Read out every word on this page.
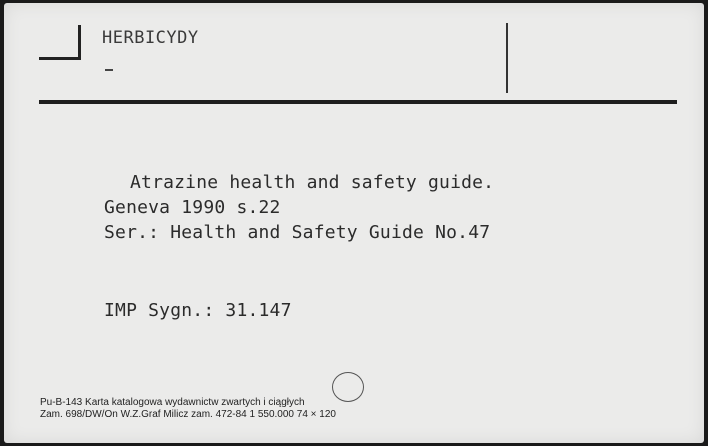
HERBICYDY
Atrazine health and safety guide.
Geneva 1990 s.22
Ser.: Health and Safety Guide No.47
IMP Sygn.: 31.147
Pu-B-143 Karta katalogowa wydawnictw zwartych i ciągłych
Zam. 698/DW/On W.Z.Graf Milicz zam. 472-84 1 550.000 74 × 120
